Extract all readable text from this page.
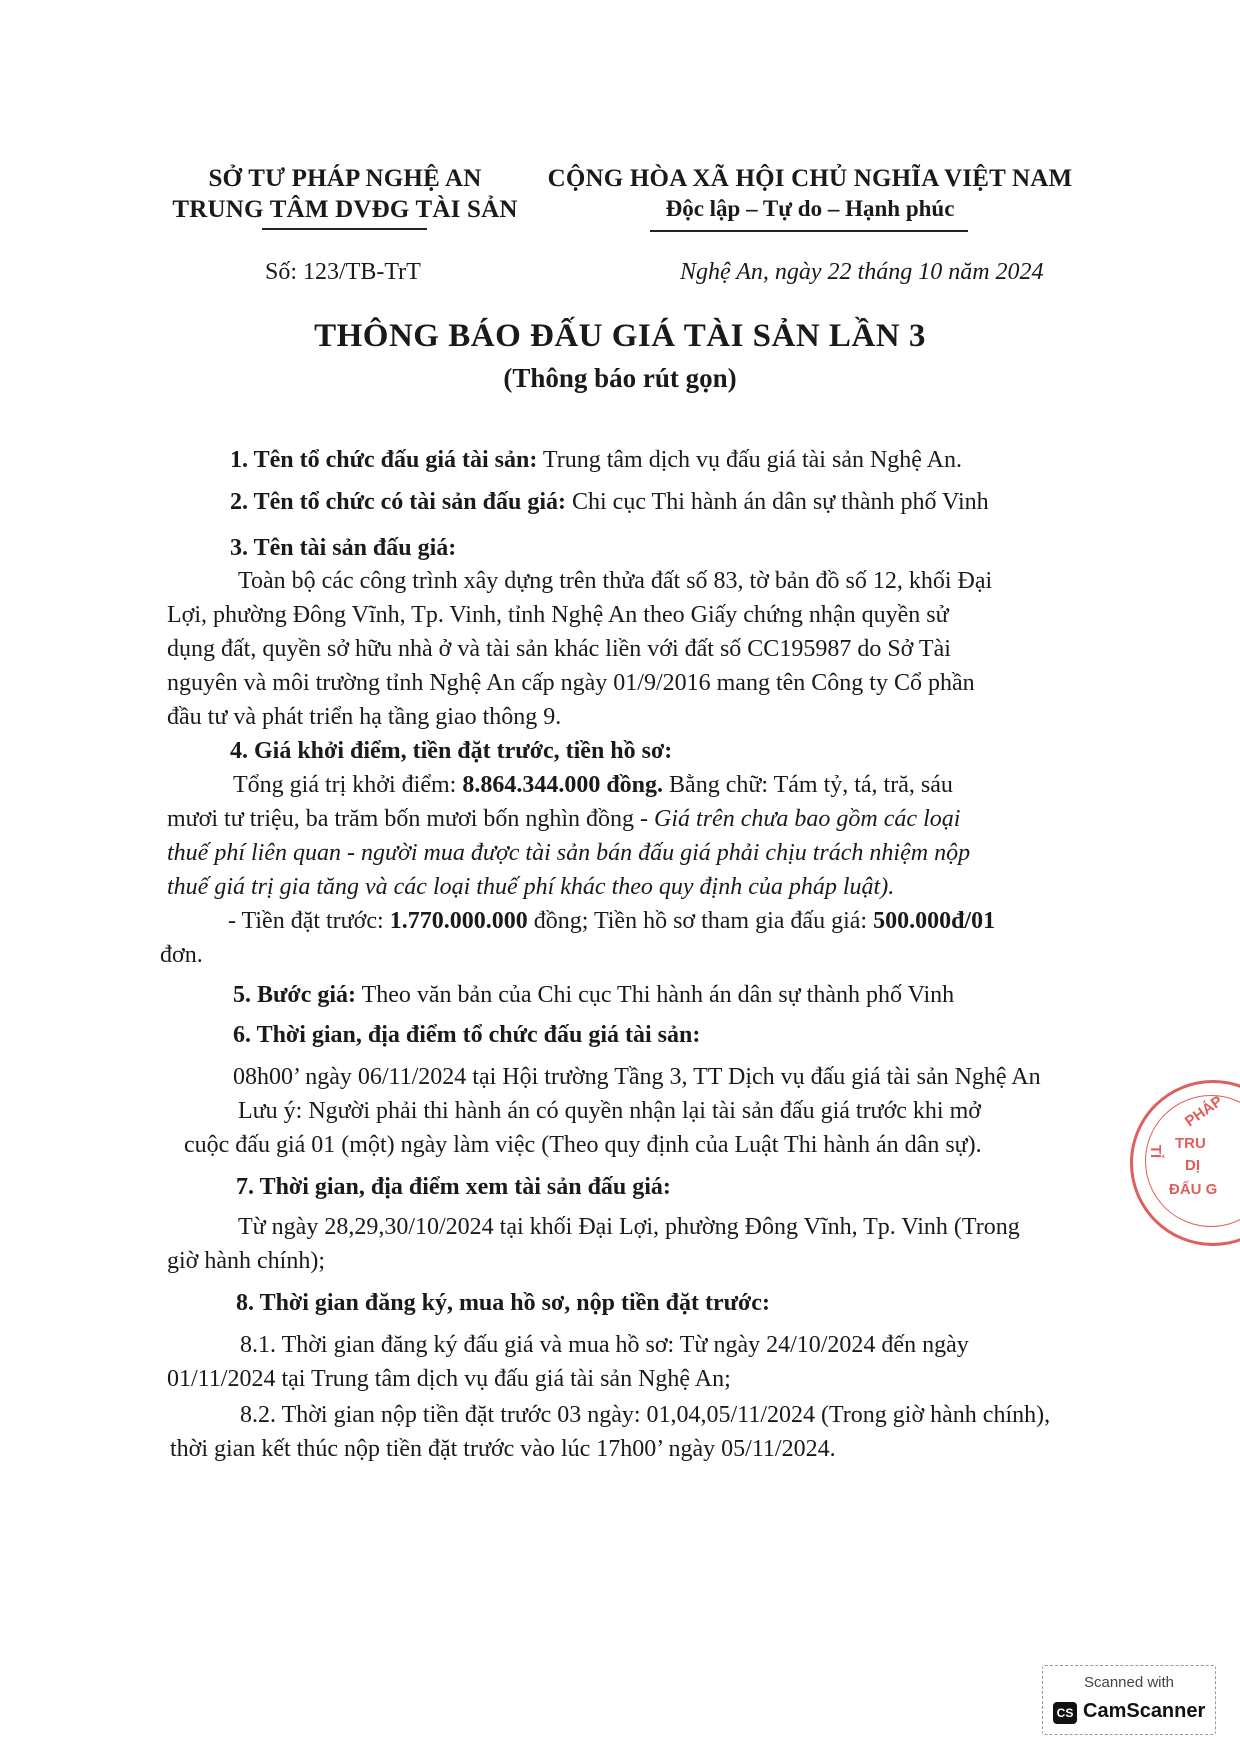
SỞ TƯ PHÁP NGHỆ AN
TRUNG TÂM DVĐG TÀI SẢN
Số: 123/TB-TrT
CỘNG HÒA XÃ HỘI CHỦ NGHĨA VIỆT NAM
Độc lập – Tự do – Hạnh phúc
Nghệ An, ngày 22 tháng 10 năm 2024
THÔNG BÁO ĐẤU GIÁ TÀI SẢN LẦN 3
(Thông báo rút gọn)
1. Tên tổ chức đấu giá tài sản: Trung tâm dịch vụ đấu giá tài sản Nghệ An.
2. Tên tổ chức có tài sản đấu giá: Chi cục Thi hành án dân sự thành phố Vinh
3. Tên tài sản đấu giá:
Toàn bộ các công trình xây dựng trên thửa đất số 83, tờ bản đồ số 12, khối Đại
Lợi, phường Đông Vĩnh, Tp. Vinh, tỉnh Nghệ An theo Giấy chứng nhận quyền sử
dụng đất, quyền sở hữu nhà ở và tài sản khác liền với đất số CC195987 do Sở Tài
nguyên và môi trường tỉnh Nghệ An cấp ngày 01/9/2016 mang tên Công ty Cổ phần
đầu tư và phát triển hạ tầng giao thông 9.
4. Giá khởi điểm, tiền đặt trước, tiền hồ sơ:
Tổng giá trị khởi điểm: 8.864.344.000 đồng. Bằng chữ: Tám tỷ, tá, tră, sáu
mươi tư triệu, ba trăm bốn mươi bốn nghìn đồng - Giá trên chưa bao gồm các loại
thuế phí liên quan - người mua được tài sản bán đấu giá phải chịu trách nhiệm nộp
thuế giá trị gia tăng và các loại thuế phí khác theo quy định của pháp luật).
- Tiền đặt trước: 1.770.000.000 đồng; Tiền hồ sơ tham gia đấu giá: 500.000đ/01
đơn.
5. Bước giá: Theo văn bản của Chi cục Thi hành án dân sự thành phố Vinh
6. Thời gian, địa điểm tổ chức đấu giá tài sản:
08h00’ ngày 06/11/2024 tại Hội trường Tầng 3, TT Dịch vụ đấu giá tài sản Nghệ An
Lưu ý: Người phải thi hành án có quyền nhận lại tài sản đấu giá trước khi mở
cuộc đấu giá 01 (một) ngày làm việc (Theo quy định của Luật Thi hành án dân sự).
7. Thời gian, địa điểm xem tài sản đấu giá:
Từ ngày 28,29,30/10/2024 tại khối Đại Lợi, phường Đông Vĩnh, Tp. Vinh (Trong
giờ hành chính);
8. Thời gian đăng ký, mua hồ sơ, nộp tiền đặt trước:
8.1. Thời gian đăng ký đấu giá và mua hồ sơ: Từ ngày 24/10/2024 đến ngày
01/11/2024 tại Trung tâm dịch vụ đấu giá tài sản Nghệ An;
8.2. Thời gian nộp tiền đặt trước 03 ngày: 01,04,05/11/2024 (Trong giờ hành chính),
thời gian kết thúc nộp tiền đặt trước vào lúc 17h00’ ngày 05/11/2024.
PHÁP
TRU
DỊ
ĐẤU G
TỈ
Scanned with
CS CamScanner
